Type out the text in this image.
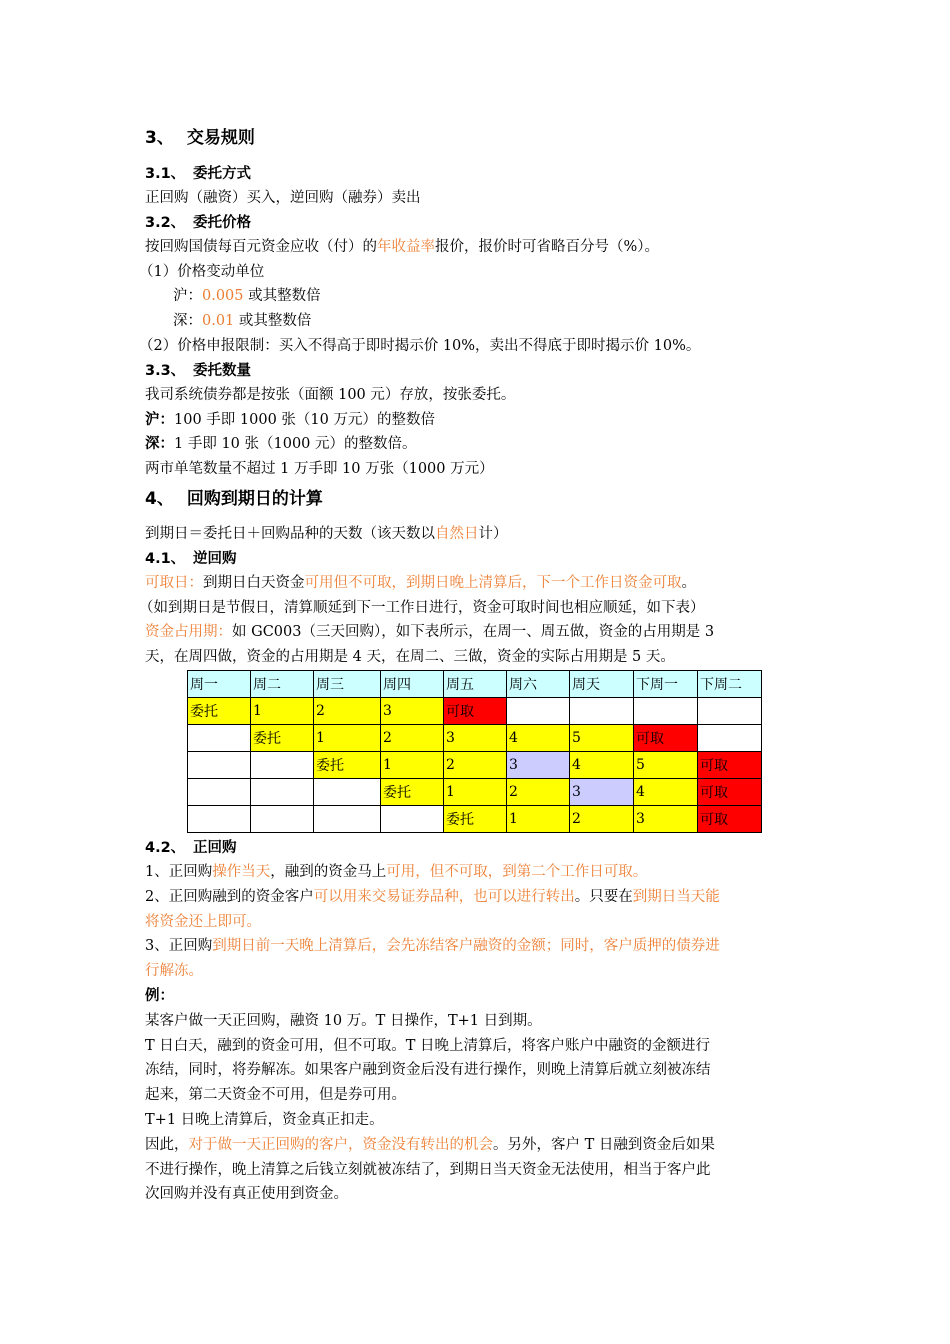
3、 交易规则
3.1、 委托方式
正回购（融资）买入，逆回购（融券）卖出
3.2、 委托价格
按回购国债每百元资金应收（付）的年收益率报价，报价时可省略百分号（%）。
（1）价格变动单位
沪：0.005 或其整数倍
深：0.01 或其整数倍
（2）价格申报限制：买入不得高于即时揭示价 10%，卖出不得底于即时揭示价 10%。
3.3、 委托数量
我司系统债券都是按张（面额 100 元）存放，按张委托。
沪：100 手即 1000 张（10 万元）的整数倍
深：1 手即 10 张（1000 元）的整数倍。
两市单笔数量不超过 1 万手即 10 万张（1000 万元）
4、 回购到期日的计算
到期日＝委托日＋回购品种的天数（该天数以自然日计）
4.1、 逆回购
可取日：到期日白天资金可用但不可取，到期日晚上清算后，下一个工作日资金可取。
（如到期日是节假日，清算顺延到下一工作日进行，资金可取时间也相应顺延，如下表）
资金占用期：如 GC003（三天回购），如下表所示，在周一、周五做，资金的占用期是 3
天，在周四做，资金的占用期是 4 天，在周二、三做，资金的实际占用期是 5 天。
周一	周二	周三	周四	周五	周六	周天	下周一	下周二
委托	1	2	3	可取				
	委托	1	2	3	4	5	可取	
		委托	1	2	3	4	5	可取
			委托	1	2	3	4	可取
				委托	1	2	3	可取
4.2、 正回购
1、正回购操作当天，融到的资金马上可用，但不可取，到第二个工作日可取。
2、正回购融到的资金客户可以用来交易证券品种，也可以进行转出。只要在到期日当天能
将资金还上即可。
3、正回购到期日前一天晚上清算后，会先冻结客户融资的金额；同时，客户质押的债券进
行解冻。
例：
某客户做一天正回购，融资 10 万。T 日操作，T+1 日到期。
T 日白天，融到的资金可用，但不可取。T 日晚上清算后，将客户账户中融资的金额进行
冻结，同时，将券解冻。如果客户融到资金后没有进行操作，则晚上清算后就立刻被冻结
起来，第二天资金不可用，但是券可用。
T+1 日晚上清算后，资金真正扣走。
因此，对于做一天正回购的客户，资金没有转出的机会。另外，客户 T 日融到资金后如果
不进行操作，晚上清算之后钱立刻就被冻结了，到期日当天资金无法使用，相当于客户此
次回购并没有真正使用到资金。
